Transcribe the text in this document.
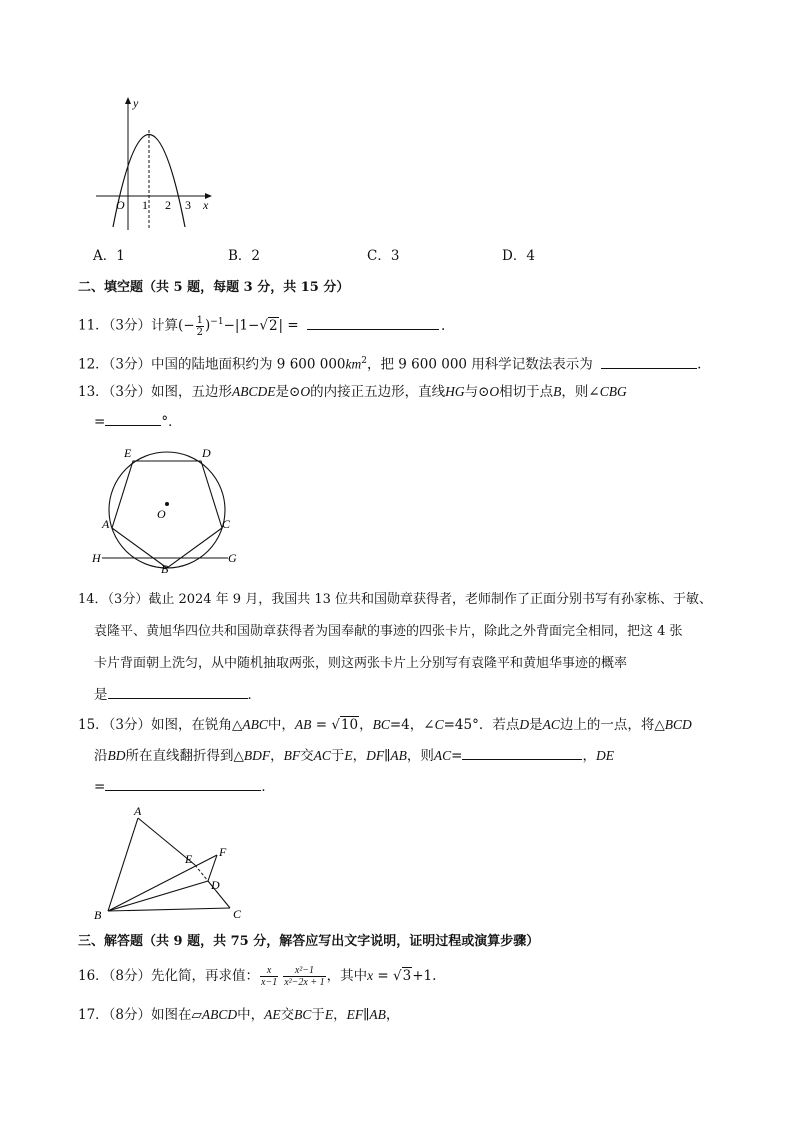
y
x
O 1 2 3
A．1	B．2	C．3	D．4
二、填空题（共 5 题，每题 3 分，共 15 分）
11．（3分）计算(− $\frac{1}{2} )^{-1}-|1-√2|$ =	.
12．（3分）中国的陆地面积约为 9 600 $000km^2$，把 9 600 000 用科学记数法表示为	.
13．（3分）如图，五边形ABCDE是⊙O的内接正五边形，直线HG与⊙O相切于点B，则∠CBG
=	°．
E	D
O
A	C
H
B
G
14．（3分）截止 2024 年 9 月，我国共 13 位共和国勋章获得者，老师制作了正面分别书写有孙家栋、于敏、
袁隆平、黄旭华四位共和国勋章获得者为国奉献的事迹的四张卡片，除此之外背面完全相同，把这 4 张
卡片背面朝上洗匀，从中随机抽取两张，则这两张卡片上分别写有袁隆平和黄旭华事迹的概率
是	．
15．（3分）如图，在锐角△ABC中，AB = √10，BC=4，∠C=45°．若点D是AC边上的一点，将△BCD
沿BD所在直线翻折得到△BDF，BF交AC于E，DF∥AB，则AC=	，DE
=	．
A
E F
D
B	C
三、解答题（共 9 题，共 75 分，解答应写出文字说明，证明过程或演算步骤）
16．（8分）先化简，再求值： $\frac{x}{x-1} \frac{\text{x²−1}}{\text{x²−2x + 1}}$ ，其中x = √3+1.
17．（8分）如图在▱ABCD中，AE交BC于E，EF∥AB，
